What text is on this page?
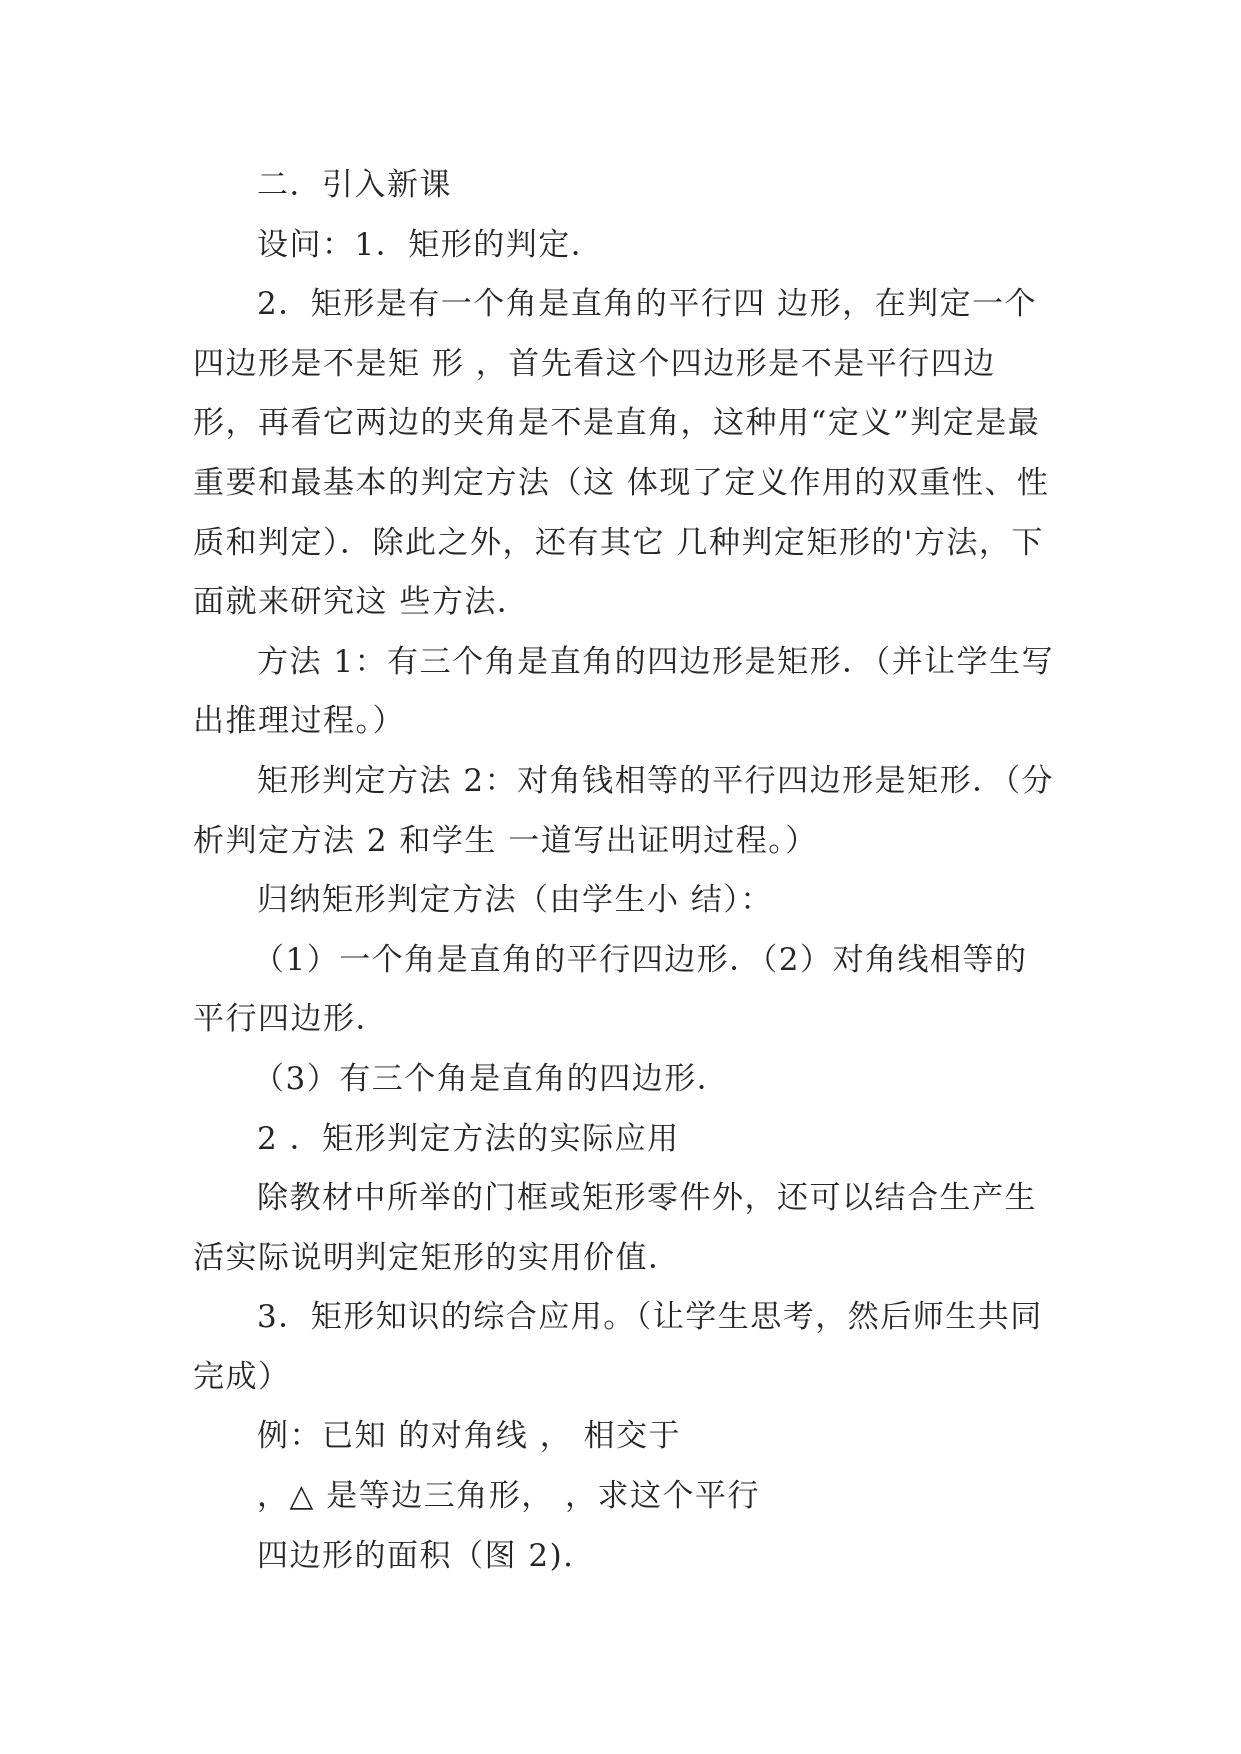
二．引入新课

设问：1．矩形的判定．

2．矩形是有一个角是直角的平行四 边形，在判定一个四边形是不是矩 形 ，首先看这个四边形是不是平行四边形，再看它两边的夹角是不是直角，这种用“定义”判定是最重要和最基本的判定方法（这 体现了定义作用的双重性、性质和判定）．除此之外，还有其它 几种判定矩形的'方法，下面就来研究这 些方法．

方法 1：有三个角是直角的四边形是矩形．（并让学生写出推理过程。）

矩形判定方法 2：对角钱相等的平行四边形是矩形．（分析判定方法 2 和学生 一道写出证明过程。）

归纳矩形判定方法（由学生小 结）：

（1）一个角是直角的平行四边形．（2）对角线相等的平行四边形．

（3）有三个角是直角的四边形．

2 ．矩形判定方法的实际应用

除教材中所举的门框或矩形零件外，还可以结合生产生活实际说明判定矩形的实用价值．

3．矩形知识的综合应用。（让学生思考，然后师生共同完成）

例：已知 的对角线 ， 相交于

，△ 是等边三角形， ，求这个平行

四边形的面积（图 2).
